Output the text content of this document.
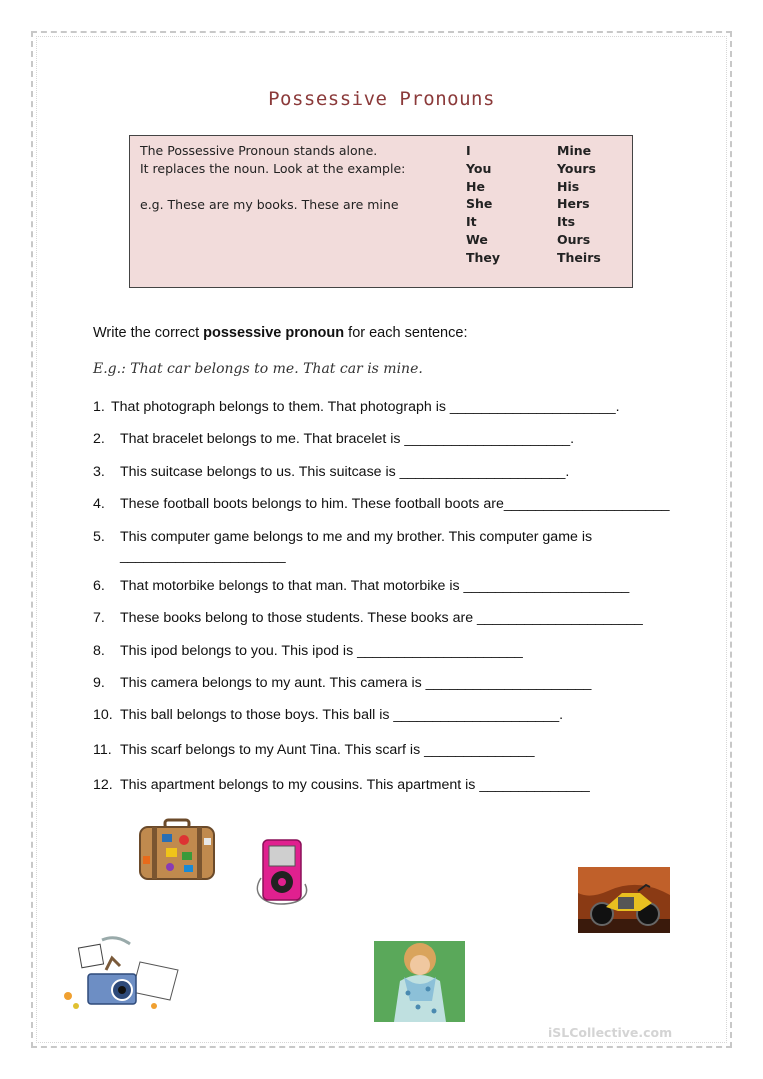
Possessive Pronouns
The Possessive Pronoun stands alone.
It replaces the noun. Look at the example:
e.g. These are my books. These are mine
I
You
He
She
It
We
They
Mine
Yours
His
Hers
Its
Ours
Theirs
Write the correct possessive pronoun for each sentence:
E.g.: That car belongs to me. That car is mine.
1. That photograph belongs to them. That photograph is _____________________.
2. That bracelet belongs to me. That bracelet is _____________________.
3. This suitcase belongs to us. This suitcase is _____________________.
4. These football boots belongs to him. These football boots are_____________________
5. This computer game belongs to me and my brother. This computer game is
_____________________
6. That motorbike belongs to that man. That motorbike is _____________________
7. These books belong to those students. These books are _____________________
8. This ipod belongs to you. This ipod is _____________________
9. This camera belongs to my aunt. This camera is _____________________
10. This ball belongs to those boys. This ball is _____________________.
11. This scarf belongs to my Aunt Tina. This scarf is ______________
12. This apartment belongs to my cousins. This apartment is ______________
iSLCollective.com
